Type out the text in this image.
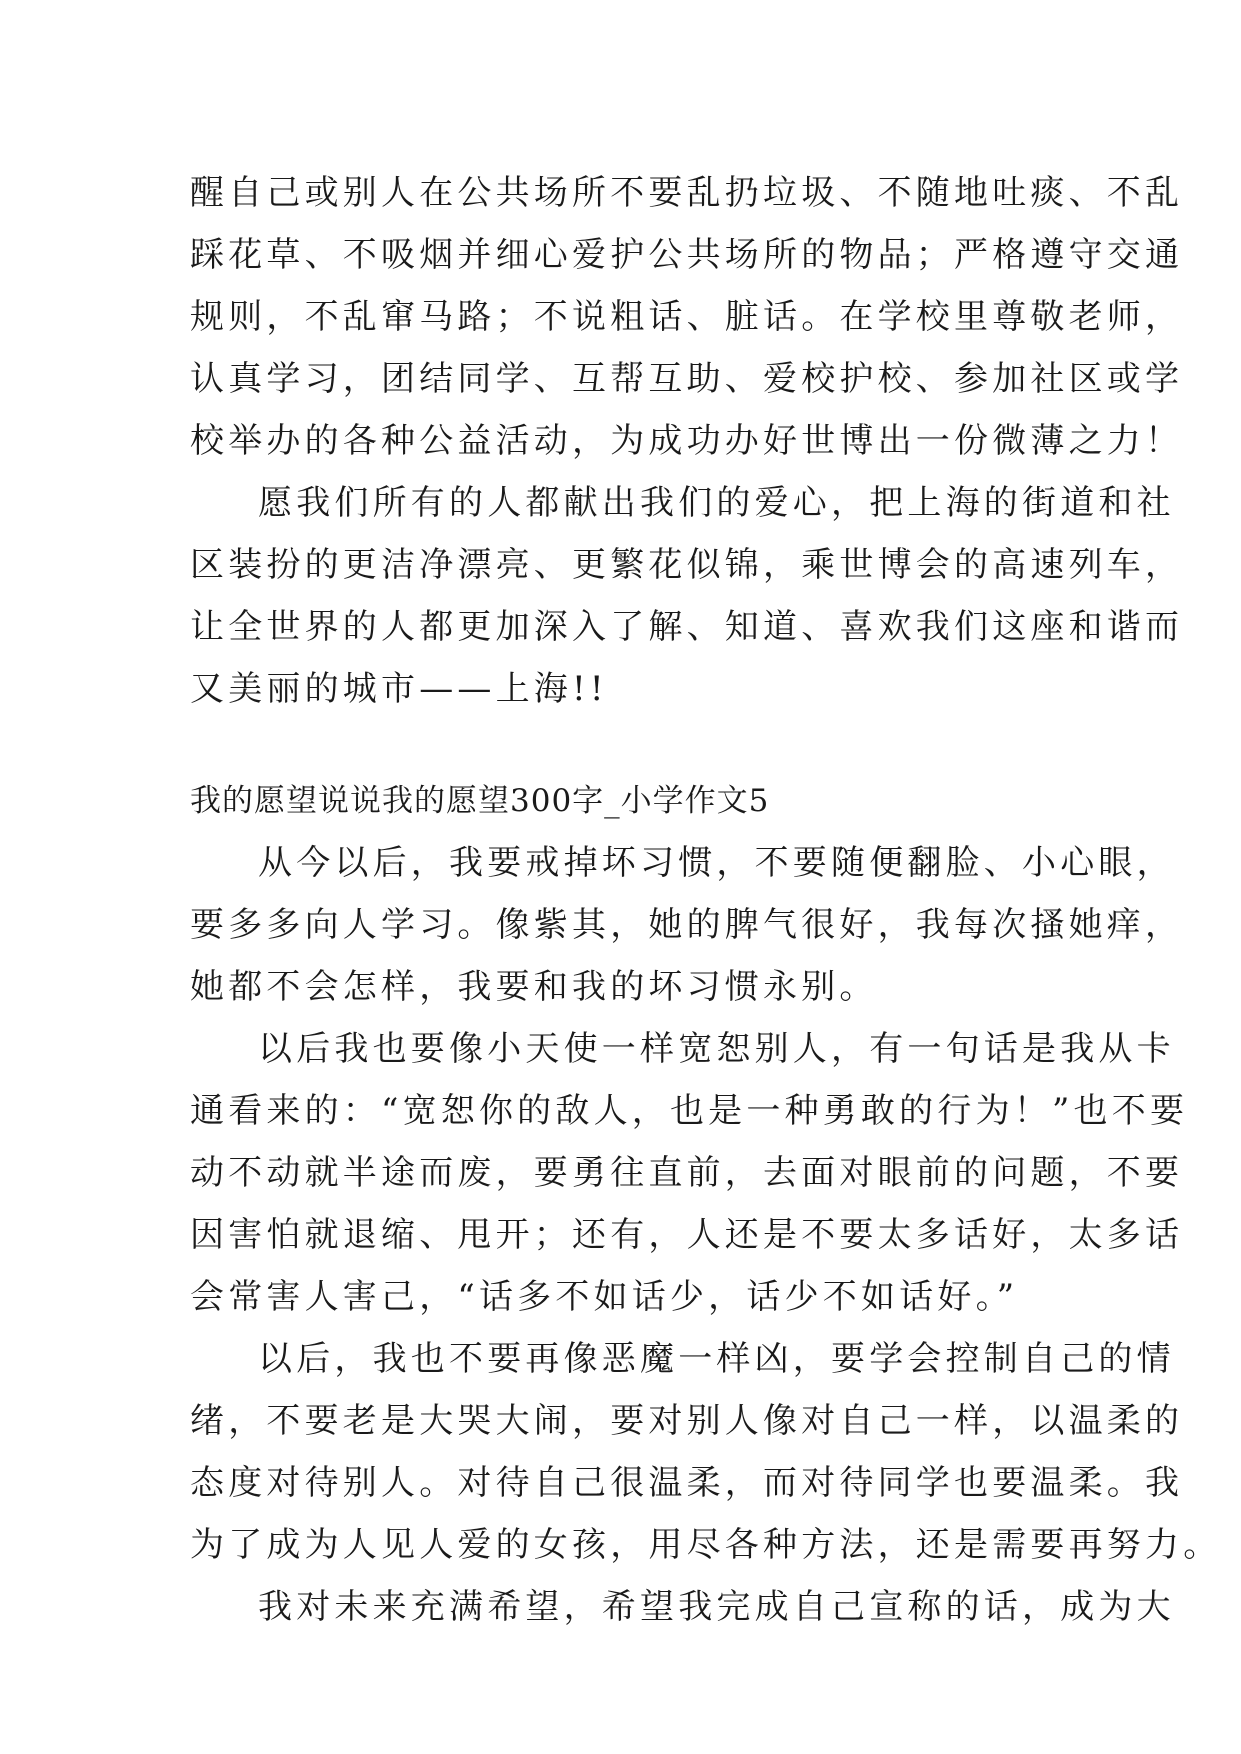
醒自己或别人在公共场所不要乱扔垃圾、不随地吐痰、不乱
踩花草、不吸烟并细心爱护公共场所的物品；严格遵守交通
规则，不乱窜马路；不说粗话、脏话。在学校里尊敬老师，
认真学习，团结同学、互帮互助、爱校护校、参加社区或学
校举办的各种公益活动，为成功办好世博出一份微薄之力！
愿我们所有的人都献出我们的爱心，把上海的街道和社
区装扮的更洁净漂亮、更繁花似锦，乘世博会的高速列车，
让全世界的人都更加深入了解、知道、喜欢我们这座和谐而
又美丽的城市——上海!!
我的愿望说说我的愿望300字_小学作文5
从今以后，我要戒掉坏习惯，不要随便翻脸、小心眼，
要多多向人学习。像紫其，她的脾气很好，我每次搔她痒，
她都不会怎样，我要和我的坏习惯永别。
以后我也要像小天使一样宽恕别人，有一句话是我从卡
通看来的：“宽恕你的敌人，也是一种勇敢的行为！”也不要
动不动就半途而废，要勇往直前，去面对眼前的问题，不要
因害怕就退缩、甩开；还有，人还是不要太多话好，太多话
会常害人害己，“话多不如话少，话少不如话好。”
以后，我也不要再像恶魔一样凶，要学会控制自己的情
绪，不要老是大哭大闹，要对别人像对自己一样，以温柔的
态度对待别人。对待自己很温柔，而对待同学也要温柔。我
为了成为人见人爱的女孩，用尽各种方法，还是需要再努力。
我对未来充满希望，希望我完成自己宣称的话，成为大
